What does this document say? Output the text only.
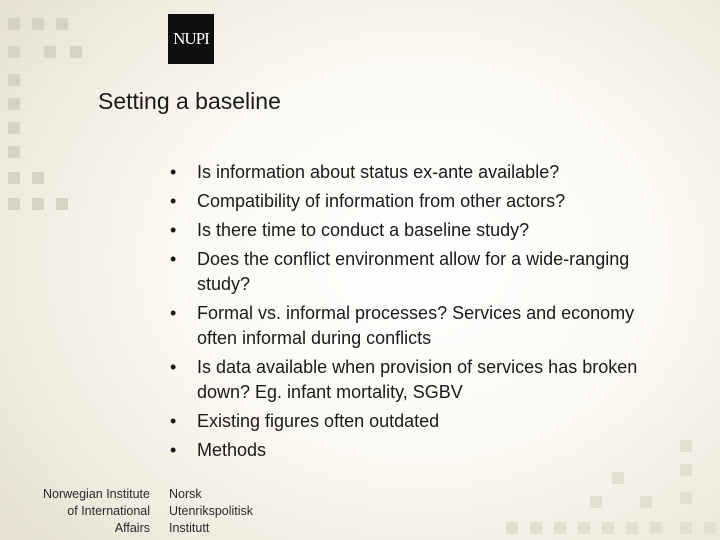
NUPI
Setting a baseline
• Is information about status ex-ante available?
• Compatibility of information from other actors?
• Is there time to conduct a baseline study?
• Does the conflict environment allow for a wide-ranging study?
• Formal vs. informal processes? Services and economy often informal during conflicts
• Is data available when provision of services has broken down? Eg. infant mortality, SGBV
• Existing figures often outdated
• Methods
Norwegian Institute
of International
Affairs
Norsk
Utenrikspolitisk
Institutt
